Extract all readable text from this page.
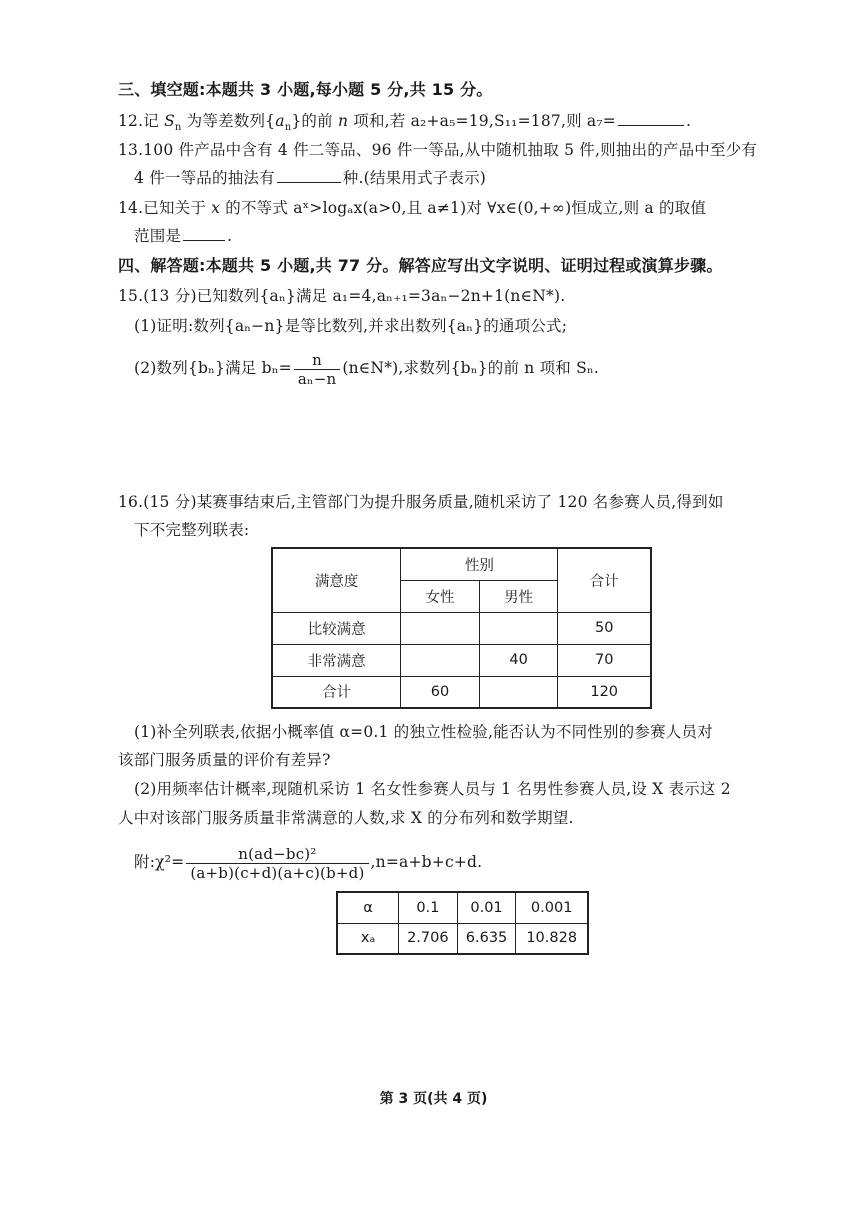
三、填空题:本题共 3 小题,每小题 5 分,共 15 分。
12.记 $S_n$ 为等差数列$\{a_n\}$的前 n 项和,若 a₂+a₅=19,S₁₁=187,则 a₇=	.
13.100 件产品中含有 4 件二等品、96 件一等品,从中随机抽取 5 件,则抽出的产品中至少有
4 件一等品的抽法有	种.(结果用式子表示)
14.已知关于 x 的不等式 aˣ>logₐx(a>0,且 a≠1)对 ∀x∈(0,+∞)恒成立,则 a 的取值
范围是	.
四、解答题:本题共 5 小题,共 77 分。解答应写出文字说明、证明过程或演算步骤。
15.(13 分)已知数列{aₙ}满足 a₁=4,aₙ₊₁=3aₙ−2n+1(n∈N*).
(1)证明:数列{aₙ−n}是等比数列,并求出数列{aₙ}的通项公式;
(2)数列{bₙ}满足 $b_n= \frac{n}{\text{aₙ−n}}$ (n∈N*),求数列{bₙ}的前 n 项和 Sₙ.
16.(15 分)某赛事结束后,主管部门为提升服务质量,随机采访了 120 名参赛人员,得到如
下不完整列联表:
满意度	性别		合计
	女性	男性	
比较满意			50
非常满意		40	70
合计	60		120
(1)补全列联表,依据小概率值 α=0.1 的独立性检验,能否认为不同性别的参赛人员对
该部门服务质量的评价有差异?
(2)用频率估计概率,现随机采访 1 名女性参赛人员与 1 名男性参赛人员,设 X 表示这 2
人中对该部门服务质量非常满意的人数,求 X 的分布列和数学期望.
附:χ²= $\frac{\text{n(ad−bc)²}}{(a+b)(c+d)(a+c)(b+d)} ,n=a+b+c+d$.
α	0.1	0.01	0.001
xₐ	2.706	6.635	10.828
第 3 页(共 4 页)
